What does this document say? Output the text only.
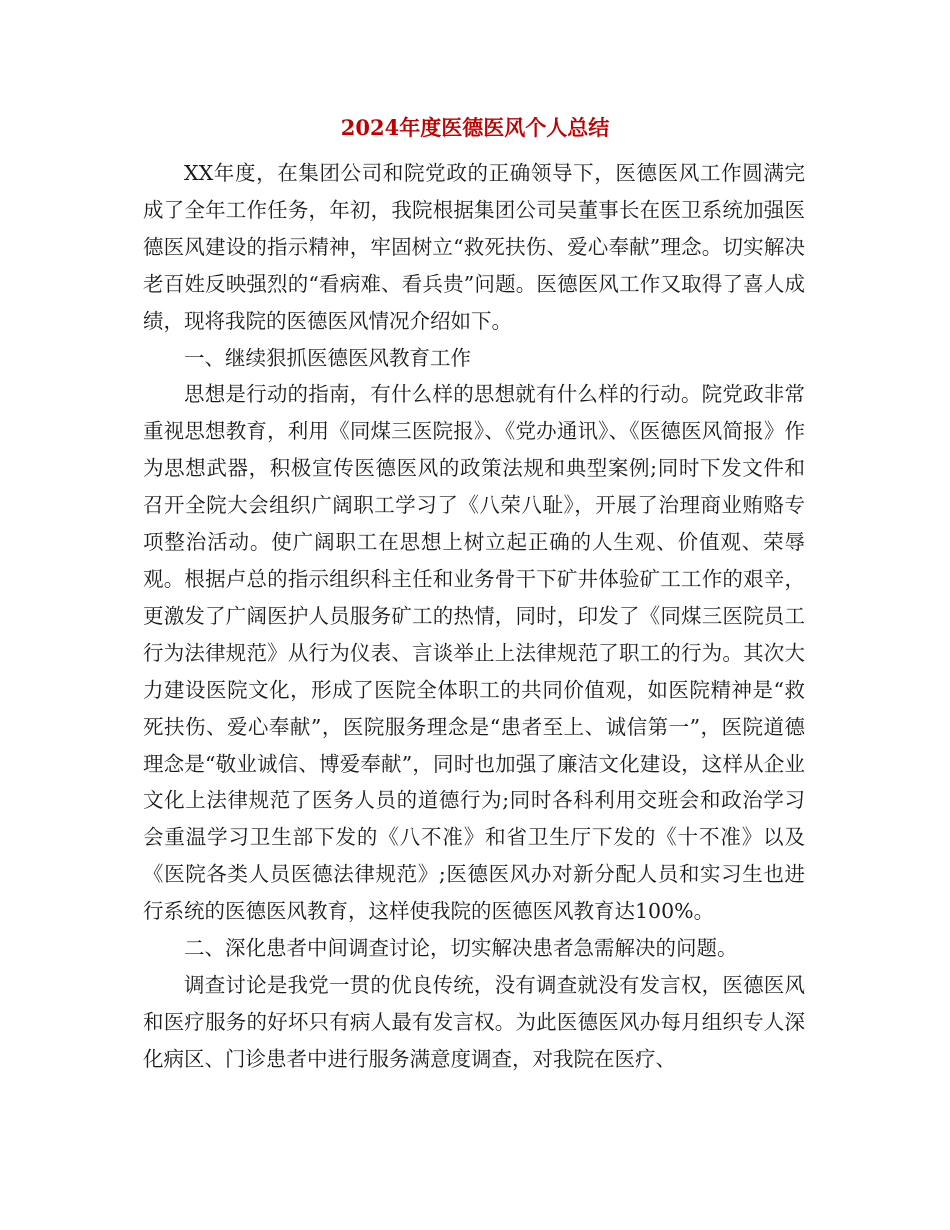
2024年度医德医风个人总结

XX年度，在集团公司和院党政的正确领导下，医德医风工作圆满完成了全年工作任务，年初，我院根据集团公司吴董事长在医卫系统加强医德医风建设的指示精神，牢固树立“救死扶伤、爱心奉献”理念。切实解决老百姓反映强烈的“看病难、看兵贵”问题。医德医风工作又取得了喜人成绩，现将我院的医德医风情况介绍如下。

一、继续狠抓医德医风教育工作

思想是行动的指南，有什么样的思想就有什么样的行动。院党政非常重视思想教育，利用《同煤三医院报》、《党办通讯》、《医德医风简报》作为思想武器，积极宣传医德医风的政策法规和典型案例;同时下发文件和召开全院大会组织广阔职工学习了《八荣八耻》，开展了治理商业贿赂专项整治活动。使广阔职工在思想上树立起正确的人生观、价值观、荣辱观。根据卢总的指示组织科主任和业务骨干下矿井体验矿工工作的艰辛，更激发了广阔医护人员服务矿工的热情，同时，印发了《同煤三医院员工行为法律规范》从行为仪表、言谈举止上法律规范了职工的行为。其次大力建设医院文化，形成了医院全体职工的共同价值观，如医院精神是“救死扶伤、爱心奉献”，医院服务理念是“患者至上、诚信第一”，医院道德理念是“敬业诚信、博爱奉献”，同时也加强了廉洁文化建设，这样从企业文化上法律规范了医务人员的道德行为;同时各科利用交班会和政治学习会重温学习卫生部下发的《八不准》和省卫生厅下发的《十不准》以及《医院各类人员医德法律规范》;医德医风办对新分配人员和实习生也进行系统的医德医风教育，这样使我院的医德医风教育达100%。

二、深化患者中间调查讨论，切实解决患者急需解决的问题。

调查讨论是我党一贯的优良传统，没有调查就没有发言权，医德医风和医疗服务的好坏只有病人最有发言权。为此医德医风办每月组织专人深化病区、门诊患者中进行服务满意度调查，对我院在医疗、
